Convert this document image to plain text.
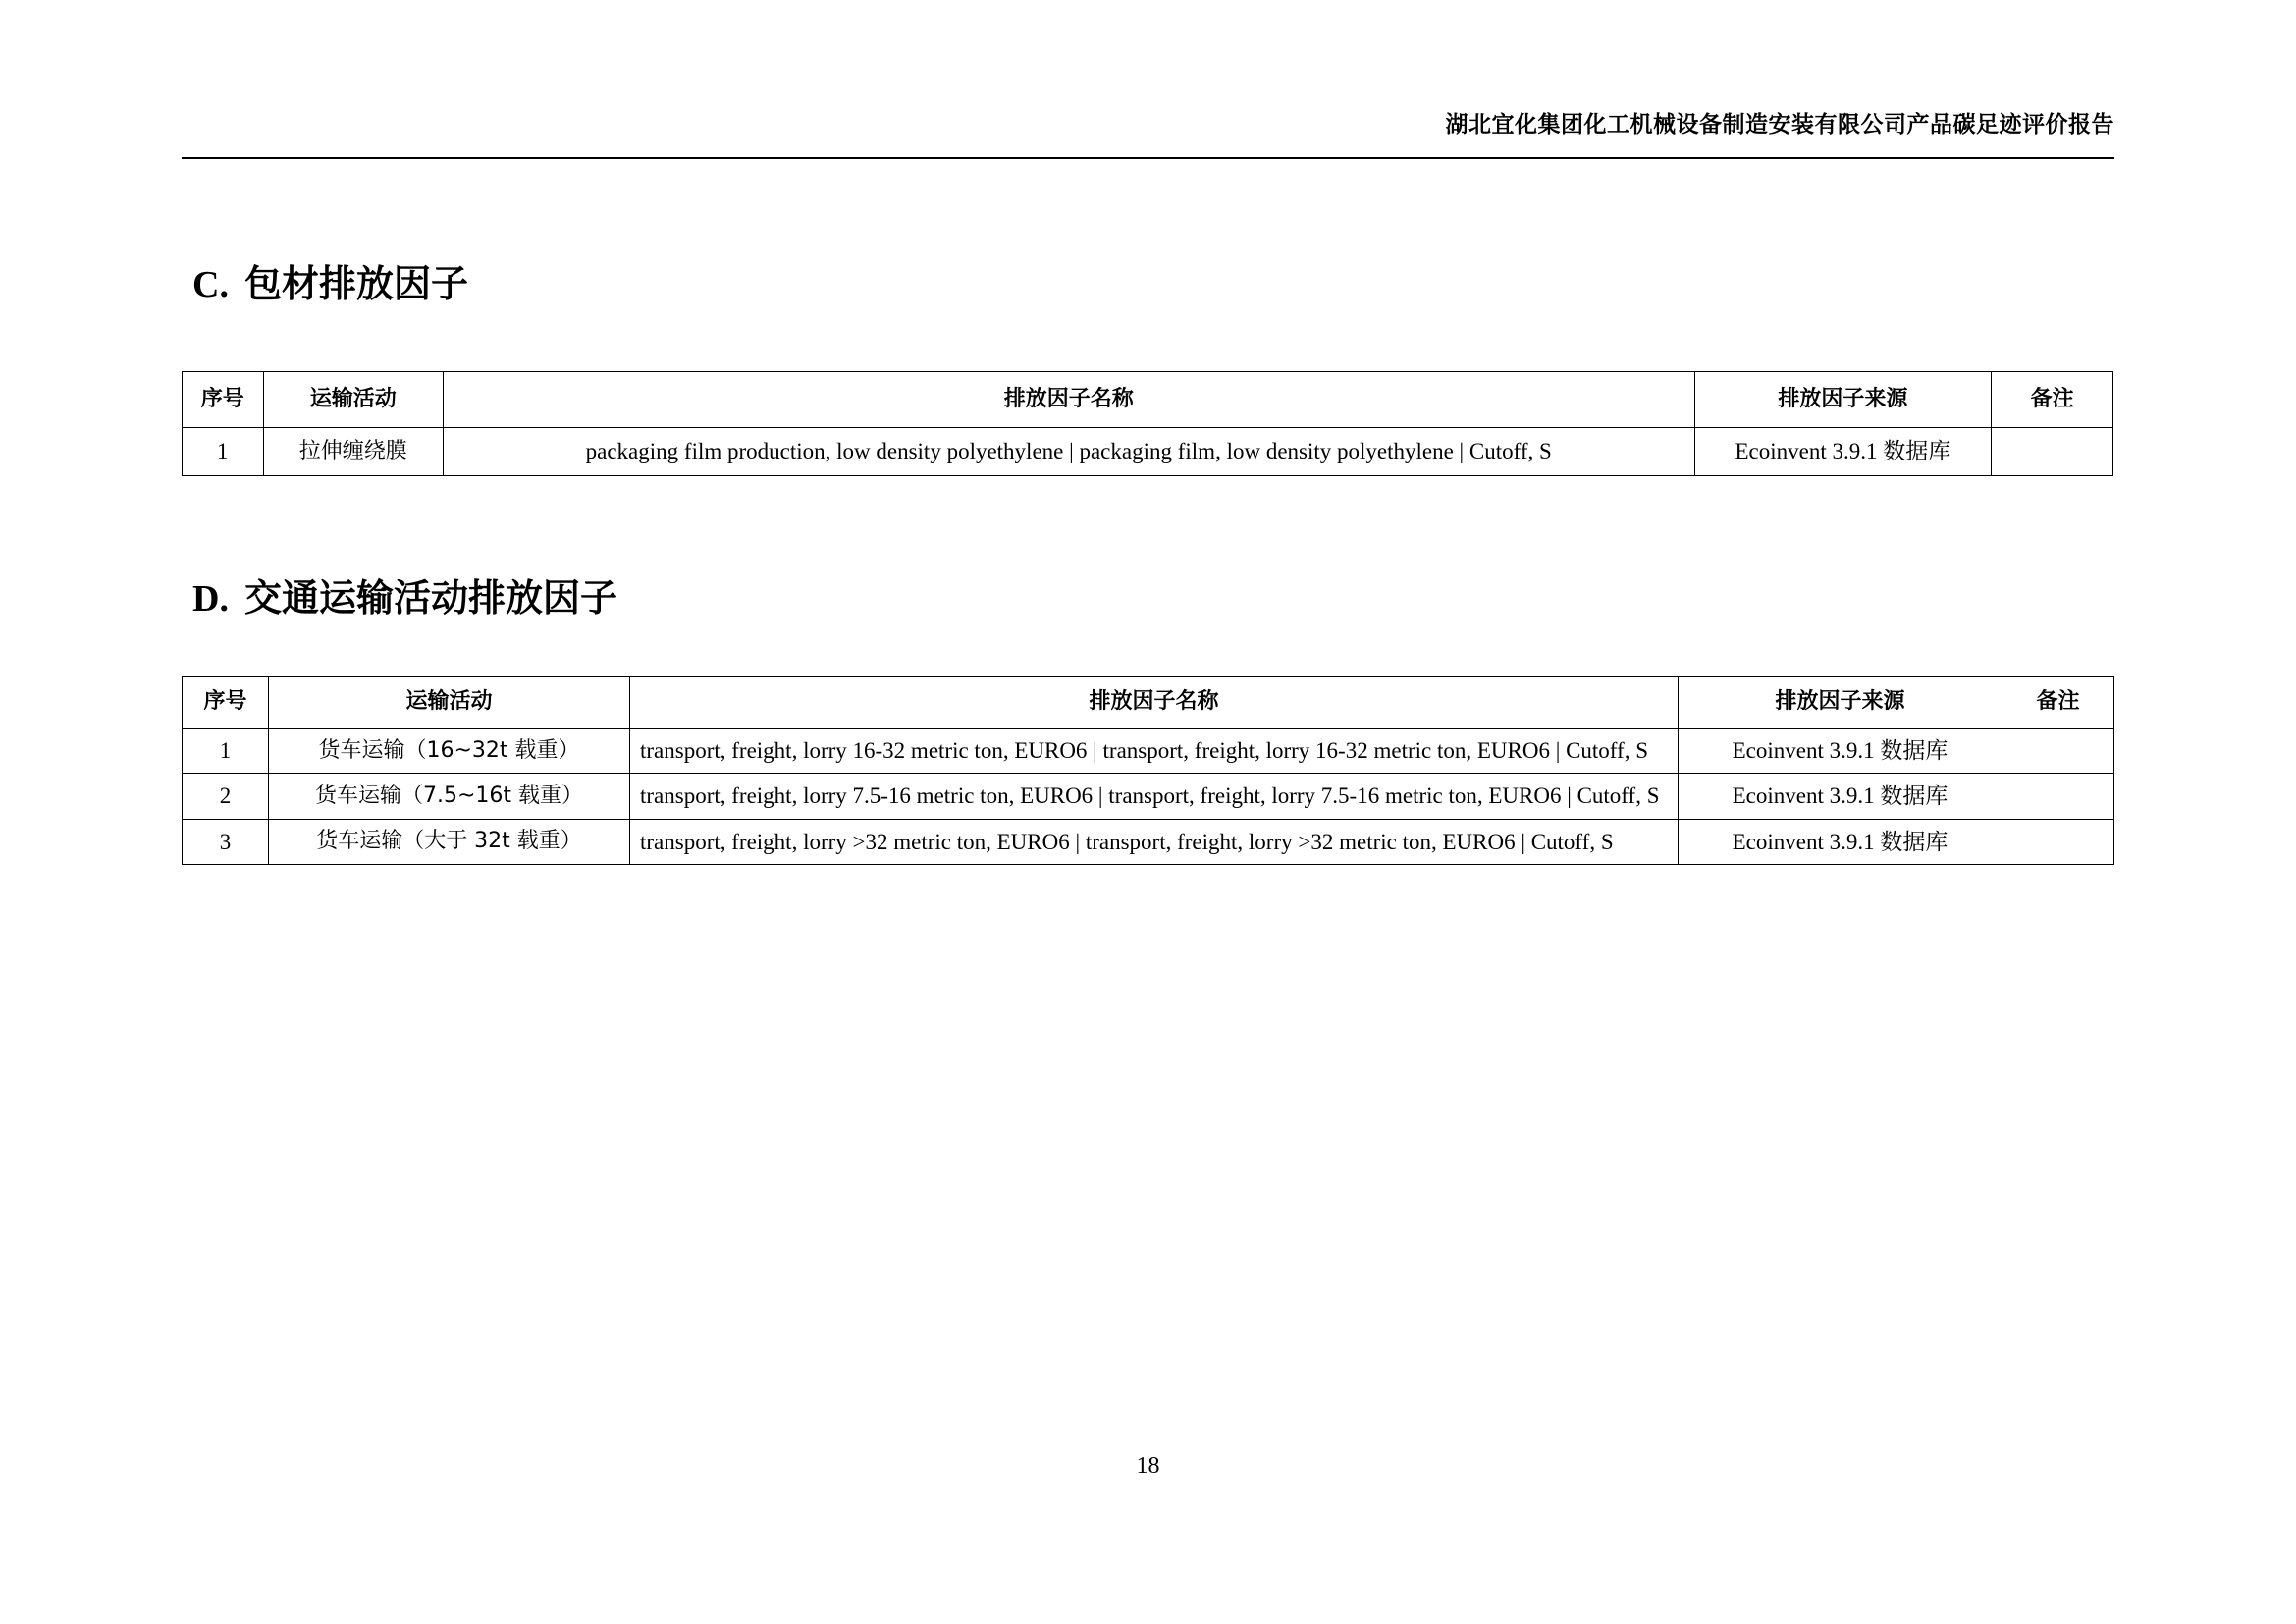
湖北宜化集团化工机械设备制造安装有限公司产品碳足迹评价报告
C. 包材排放因子
序号	运输活动	排放因子名称	排放因子来源	备注
1	拉伸缠绕膜	packaging film production, low density polyethylene | packaging film, low density polyethylene | Cutoff, S	Ecoinvent 3.9.1 数据库	
D. 交通运输活动排放因子
序号	运输活动	排放因子名称	排放因子来源	备注
1	货车运输（16~32t 载重）	transport, freight, lorry 16-32 metric ton, EURO6 | transport, freight, lorry 16-32 metric ton, EURO6 | Cutoff, S	Ecoinvent 3.9.1 数据库	
2	货车运输（7.5~16t 载重）	transport, freight, lorry 7.5-16 metric ton, EURO6 | transport, freight, lorry 7.5-16 metric ton, EURO6 | Cutoff, S	Ecoinvent 3.9.1 数据库	
3	货车运输（大于 32t 载重）	transport, freight, lorry >32 metric ton, EURO6 | transport, freight, lorry >32 metric ton, EURO6 | Cutoff, S	Ecoinvent 3.9.1 数据库	
18
